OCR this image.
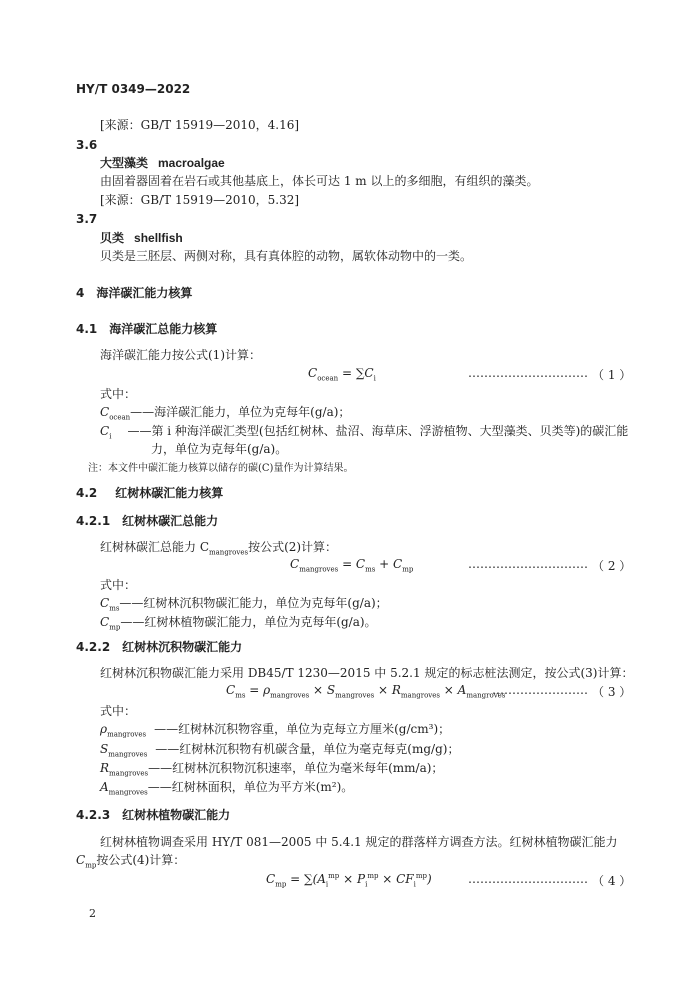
HY/T 0349—2022
[来源：GB/T 15919—2010，4.16]
3.6
大型藻类 macroalgae
由固着器固着在岩石或其他基底上，体长可达 1 m 以上的多细胞，有组织的藻类。
[来源：GB/T 15919—2010，5.32]
3.7
贝类 shellfish
贝类是三胚层、两侧对称，具有真体腔的动物，属软体动物中的一类。
4 海洋碳汇能力核算
4.1 海洋碳汇总能力核算
海洋碳汇能力按公式(1)计算：
$C_{ocean} = \sum C_i$	………………………… （ 1 ）
式中：
$C_{ocean}——$海洋碳汇能力，单位为克每年(g/a)；
$C_i$ ——第 i 种海洋碳汇类型(包括红树林、盐沼、海草床、浮游植物、大型藻类、贝类等)的碳汇能
力，单位为克每年(g/a)。
注：本文件中碳汇能力核算以储存的碳(C)量作为计算结果。
4.2 红树林碳汇能力核算
4.2.1 红树林碳汇总能力
红树林碳汇总能力 $C_{mangroves}$按公式(2)计算：
$C_{mangroves} = C_{ms} + C_{mp}$	………………………… （ 2 ）
式中：
$C_{ms}——$红树林沉积物碳汇能力，单位为克每年(g/a)；
$C_{mp}——$红树林植物碳汇能力，单位为克每年(g/a)。
4.2.2 红树林沉积物碳汇能力
红树林沉积物碳汇能力采用 DB45/T 1230—2015 中 5.2.1 规定的标志桩法测定，按公式(3)计算：
$C_{ms} = \rho_{mangroves} \times S_{mangroves} \times R_{mangroves} \times A_{mangroves}$
…………………… （ 3 ）
式中：
$\rho_{mangroves}$ ——红树林沉积物容重，单位为克每立方厘米(g/cm³)；
$S_{mangroves}$ ——红树林沉积物有机碳含量，单位为毫克每克(mg/g)；
$R_{mangroves}——$红树林沉积物沉积速率，单位为毫米每年(mm/a)；
$A_{mangroves}——$红树林面积，单位为平方米(m²)。
4.2.3 红树林植物碳汇能力
红树林植物调查采用 HY/T 081—2005 中 5.4.1 规定的群落样方调查方法。红树林植物碳汇能力
$C_{mp}$按公式(4)计算：
$C_{mp} = \sum(A_i^{mp} \times P_i^{mp} \times CF_i^{mp})$	………………………… （ 4 ）
2
